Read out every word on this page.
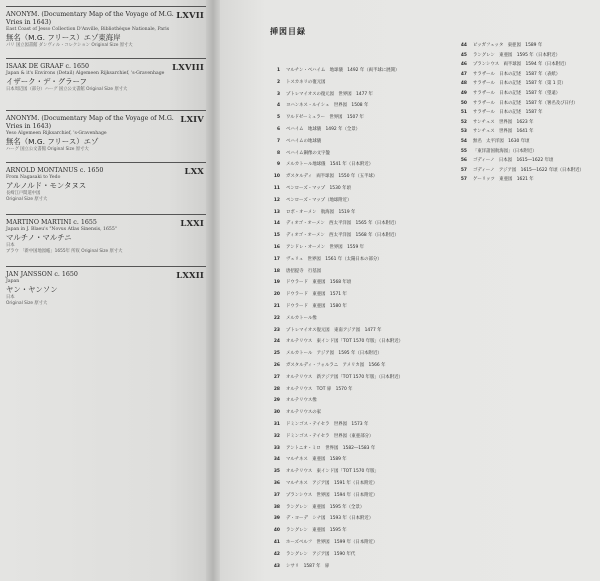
ANONYM. (Documentary Map of the Voyage of M.G. Vries in 1643)
LXVII
East Coast of Jesso Collection D'Anville, Bibliothèque Nationale, Paris
無名（M.G. フリース）エゾ東海岸
パリ 国立図書館 ダンヴィル・コレクション Original Size 原寸大
ISAAK DE GRAAF c. 1650	LXVIII
Japan & it's Environs (Detail) Algemeen Rijksarchief, 's-Gravenhage
イザーク・デ・グラーフ
日本周辺図（部分）ハーグ 国立公文書館 Original Size 原寸大
ANONYM. (Documentary Map of the Voyage of M.G. Vries in 1643)
LXIV
Yeso Algemeen Rijksarchief, 's-Gravenhage
無名（M.G. フリース）エゾ
ハーグ 国立公文書館 Original Size 原寸大
ARNOLD MONTANUS c. 1650	LXX
From Nagasaki to Yedo
アルノルド・モンタヌス
長崎江戸間道中図
Original Size 原寸大
MARTINO MARTINI c. 1655	LXXI
Japan in J. Blaeu's "Novus Atlas Sinensis, 1655"
マルチノ・マルチニ
日本
ブラウ 「新中国地図帳」1655年 所収 Original Size 原寸大
JAN JANSSON c. 1650	LXXII
Japan
ヤン・ヤンソン
日本
Original Size 原寸大
挿図目録
1 マルチン・ベハイム　地球儀　1492 年（両半球に展開）
2 トスカネリの復元図
3 プトレマイオスの復元図　世界図　1477 年
4 ヨハンネス・ルイシュ　世界図　1508 年
5 ワルドゼーミュラー　世界図　1507 年
6 ベハイム　地球儀　1492 年（全景）
7 ベハイムの地球儀
8 ベハイム銅像の文字盤
9 メルカトール地球儀　1541 年（日本附近）
10 ガスタルディ　両半球図　1550 年（五半球）
11 ペンローズ・マップ　1530 年頃
12 ペンローズ・マップ（地球附近）
13 ロボ・オーメン　航海図　1519 年
14 ディオゴ・オーメン　西太平洋図　1565 年（日本附近）
15 ディオゴ・オーメン　西太平洋図　1568 年（日本附近）
16 アンドレ・オーメン　世界図　1559 年
17 ヴェリュ　世界図　1561 年（太陽日本の部分）
18 唐招提寺　行基図
19 ドウラード　東亜図　1568 年頃
20 ドウラード　東亜図　1571 年
21 ドウラード　東亜図　1580 年
22 メルカトール像
23 プトレマイオス復元図　東南アジア図　1477 年
24 オルテリウス　東インド図「TOT 1570 年版」（日本附近）
25 メルカトール　アジア図　1595 年（日本附近）
26 ガスタルディ・フォルラニ　アメリカ図　1566 年
27 オルテリウス　新アジア図「TOT 1570 年版」（日本附近）
28 オルテリウス　TOT 扉　1570 年
29 オルテリウス像
30 オルテリウスの家
31 ドミンゴス・テイセラ　世界図　1573 年
32 ドミンゴス・テイセラ　世界図（東亜部分）
33 アントニオ・ミロ　世界図　1582―1583 年
34 マルチネス　東亜図　1589 年
35 オルテリウス　東インド図「TOT 1570 年版」
36 マルチネス　アジア図　1591 年（日本附近）
37 プランシウス　世界図　1594 年（日本附近）
38 ラングレン　東亜図　1595 年（全景）
39 デ・ヨーデ　シナ図　1593 年（日本附近）
40 ラングレン　東亜図　1595 年
41 ホーズベルフ　世界図　1599 年（日本附近）
42 ラングレン　アジア図　1590 年代
43 シサリ　1587 年　扉
44 ピッガフェッタ　東亜図　1589 年
45 ラングレン　東亜図　1595 年（日本附近）
46 プランシウス　両半球図　1594 年（日本附近）
47 サラザール　日本の記述　1587 年（表紙）
48 サラザール　日本の記述　1587 年（第 1 頁）
49 サラザール　日本の記述　1587 年（望遠）
50 サラザール　日本の記述　1587 年（署名及び日付）
51 サラザール　日本の記述　1587 年
52 サンチェス　世界図　1623 年
53 サンチェス　世界図　1641 年
54 無名　太平洋図　1630 年頃
55 「東洋諸国航海図」（日本附近）
56 ゴディーノ　日本図　1615―1622 年頃
57 ゴディーノ　アジア図　1615―1622 年頃（日本附近）
57 ゲーリッツ　東亜図　1621 年
